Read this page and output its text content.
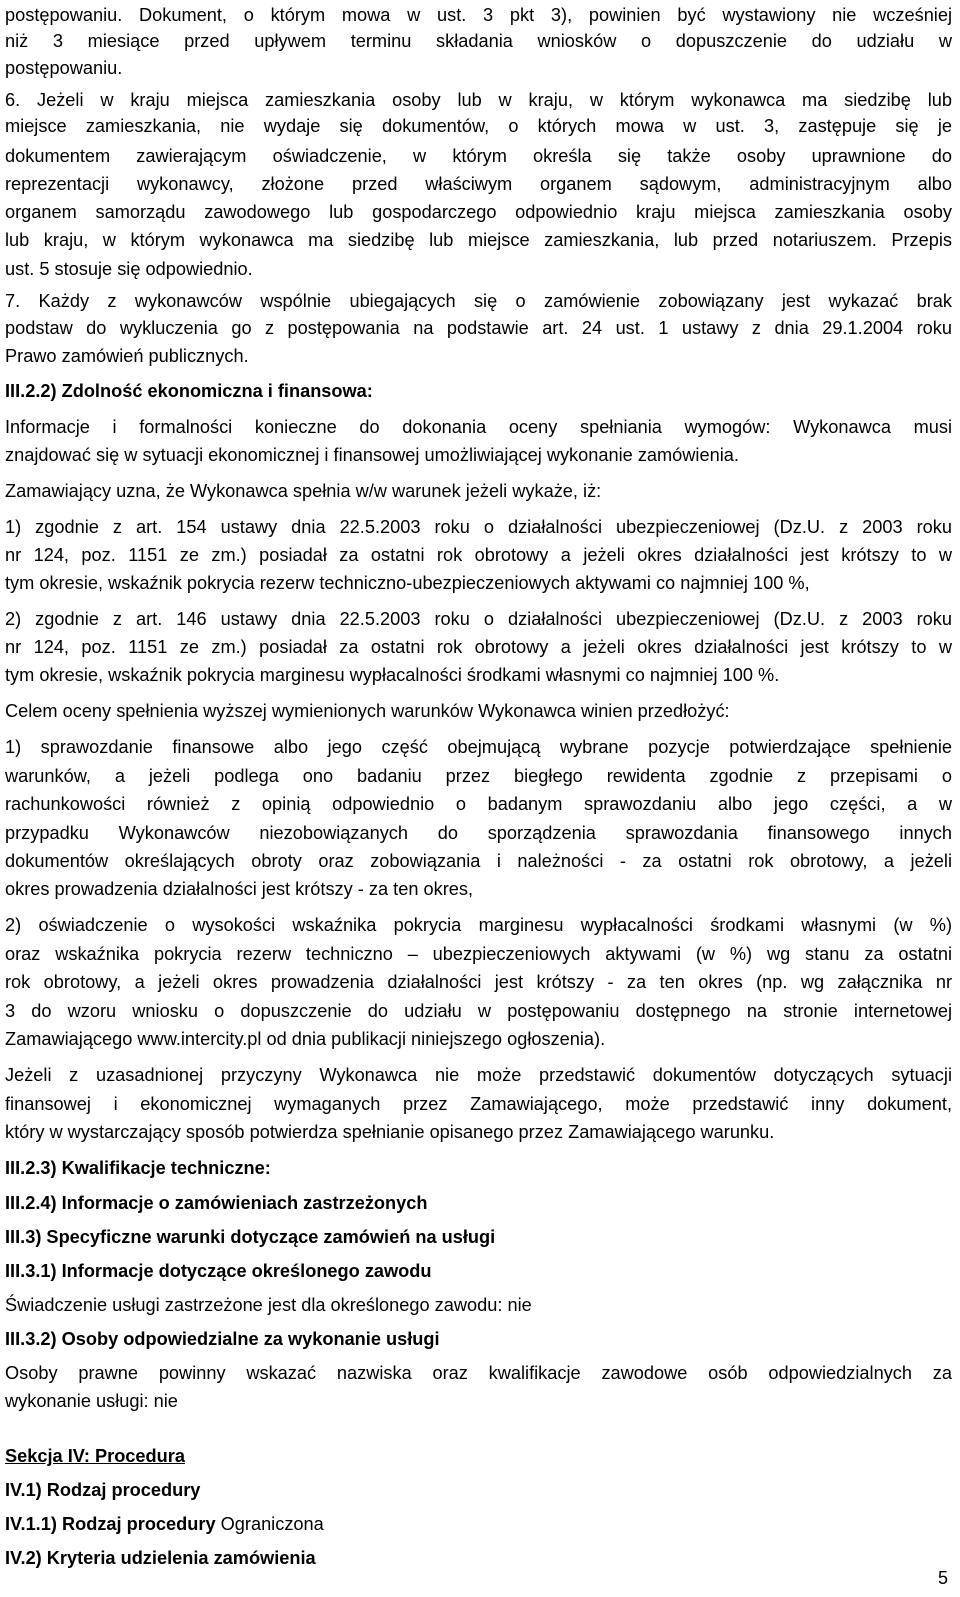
postępowaniu. Dokument, o którym mowa w ust. 3 pkt 3), powinien być wystawiony nie wcześniej
niż 3 miesiące przed upływem terminu składania wniosków o dopuszczenie do udziału w
postępowaniu.
6. Jeżeli w kraju miejsca zamieszkania osoby lub w kraju, w którym wykonawca ma siedzibę lub
miejsce zamieszkania, nie wydaje się dokumentów, o których mowa w ust. 3, zastępuje się je
dokumentem zawierającym oświadczenie, w którym określa się także osoby uprawnione do
reprezentacji wykonawcy, złożone przed właściwym organem sądowym, administracyjnym albo
organem samorządu zawodowego lub gospodarczego odpowiednio kraju miejsca zamieszkania osoby
lub kraju, w którym wykonawca ma siedzibę lub miejsce zamieszkania, lub przed notariuszem. Przepis
ust. 5 stosuje się odpowiednio.
7. Każdy z wykonawców wspólnie ubiegających się o zamówienie zobowiązany jest wykazać brak
podstaw do wykluczenia go z postępowania na podstawie art. 24 ust. 1 ustawy z dnia 29.1.2004 roku
Prawo zamówień publicznych.
III.2.2) Zdolność ekonomiczna i finansowa:
Informacje i formalności konieczne do dokonania oceny spełniania wymogów: Wykonawca musi
znajdować się w sytuacji ekonomicznej i finansowej umożliwiającej wykonanie zamówienia.
Zamawiający uzna, że Wykonawca spełnia w/w warunek jeżeli wykaże, iż:
1) zgodnie z art. 154 ustawy dnia 22.5.2003 roku o działalności ubezpieczeniowej (Dz.U. z 2003 roku
nr 124, poz. 1151 ze zm.) posiadał za ostatni rok obrotowy a jeżeli okres działalności jest krótszy to w
tym okresie, wskaźnik pokrycia rezerw techniczno-ubezpieczeniowych aktywami co najmniej 100 %,
2) zgodnie z art. 146 ustawy dnia 22.5.2003 roku o działalności ubezpieczeniowej (Dz.U. z 2003 roku
nr 124, poz. 1151 ze zm.) posiadał za ostatni rok obrotowy a jeżeli okres działalności jest krótszy to w
tym okresie, wskaźnik pokrycia marginesu wypłacalności środkami własnymi co najmniej 100 %.
Celem oceny spełnienia wyższej wymienionych warunków Wykonawca winien przedłożyć:
1) sprawozdanie finansowe albo jego część obejmującą wybrane pozycje potwierdzające spełnienie
warunków, a jeżeli podlega ono badaniu przez biegłego rewidenta zgodnie z przepisami o
rachunkowości również z opinią odpowiednio o badanym sprawozdaniu albo jego części, a w
przypadku Wykonawców niezobowiązanych do sporządzenia sprawozdania finansowego innych
dokumentów określających obroty oraz zobowiązania i należności - za ostatni rok obrotowy, a jeżeli
okres prowadzenia działalności jest krótszy - za ten okres,
2) oświadczenie o wysokości wskaźnika pokrycia marginesu wypłacalności środkami własnymi (w %)
oraz wskaźnika pokrycia rezerw techniczno – ubezpieczeniowych aktywami (w %) wg stanu za ostatni
rok obrotowy, a jeżeli okres prowadzenia działalności jest krótszy - za ten okres (np. wg załącznika nr
3 do wzoru wniosku o dopuszczenie do udziału w postępowaniu dostępnego na stronie internetowej
Zamawiającego www.intercity.pl od dnia publikacji niniejszego ogłoszenia).
Jeżeli z uzasadnionej przyczyny Wykonawca nie może przedstawić dokumentów dotyczących sytuacji
finansowej i ekonomicznej wymaganych przez Zamawiającego, może przedstawić inny dokument,
który w wystarczający sposób potwierdza spełnianie opisanego przez Zamawiającego warunku.
III.2.3) Kwalifikacje techniczne:
III.2.4) Informacje o zamówieniach zastrzeżonych
III.3) Specyficzne warunki dotyczące zamówień na usługi
III.3.1) Informacje dotyczące określonego zawodu
Świadczenie usługi zastrzeżone jest dla określonego zawodu: nie
III.3.2) Osoby odpowiedzialne za wykonanie usługi
Osoby prawne powinny wskazać nazwiska oraz kwalifikacje zawodowe osób odpowiedzialnych za
wykonanie usługi: nie
Sekcja IV: Procedura
IV.1) Rodzaj procedury
IV.1.1) Rodzaj procedury Ograniczona
IV.2) Kryteria udzielenia zamówienia
5
